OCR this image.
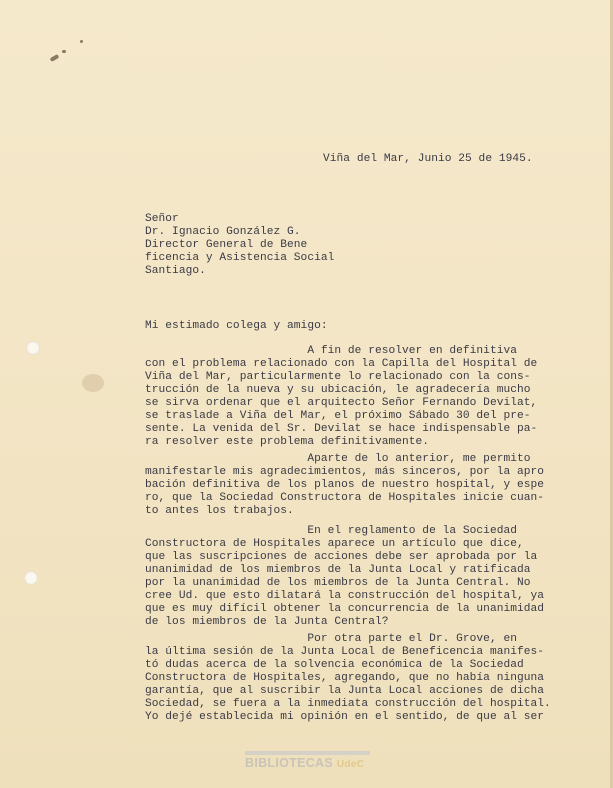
Viña del Mar, Junio 25 de 1945.
Señor
Dr. Ignacio González G.
Director General de Bene
ficencia y Asistencia Social
Santiago.
Mi estimado colega y amigo:
A fin de resolver en definitiva
con el problema relacionado con la Capilla del Hospital de
Viña del Mar, particularmente lo relacionado con la cons-
trucción de la nueva y su ubicación, le agradecería mucho
se sirva ordenar que el arquitecto Señor Fernando Devilat,
se traslade a Viña del Mar, el próximo Sábado 30 del pre-
sente. La venida del Sr. Devilat se hace indispensable pa-
ra resolver este problema definitivamente.
Aparte de lo anterior, me permito
manifestarle mis agradecimientos, más sinceros, por la apro
bación definitiva de los planos de nuestro hospital, y espe
ro, que la Sociedad Constructora de Hospitales inicie cuan-
to antes los trabajos.
En el reglamento de la Sociedad
Constructora de Hospitales aparece un artículo que dice,
que las suscripciones de acciones debe ser aprobada por la
unanimidad de los miembros de la Junta Local y ratificada
por la unanimidad de los miembros de la Junta Central. No
cree Ud. que esto dilatará la construcción del hospital, ya
que es muy difícil obtener la concurrencia de la unanimidad
de los miembros de la Junta Central?
Por otra parte el Dr. Grove, en
la última sesión de la Junta Local de Beneficencia manifes-
tó dudas acerca de la solvencia económica de la Sociedad
Constructora de Hospitales, agregando, que no había ninguna
garantía, que al suscribir la Junta Local acciones de dicha
Sociedad, se fuera a la inmediata construcción del hospital.
Yo dejé establecida mi opinión en el sentido, de que al ser
BIBLIOTECAS UdeC
